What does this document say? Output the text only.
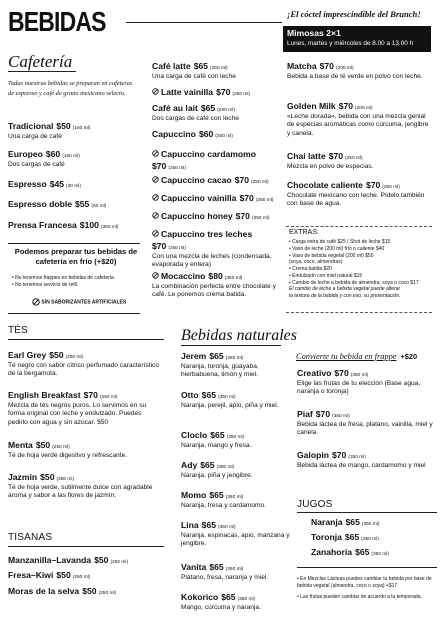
BEBIDAS	¡El cóctel imprescindible del Brunch!
Mimosas 2×1
Lunes, martes y miércoles de 8.00 a 13.00 h
Cafetería
Todas nuestras bebidas se preparan en cafeteras de espresso y café de grano mexicano selecto.
Tradicional $50 (160 ml)
Una carga de café
Europeo $60 (160 ml)
Dos cargas de café
Espresso $45 (30 ml)
Espresso doble $55 (60 ml)
Prensa Francesa $100 (350 ml)
Podemos preparar tus bebidas de cafetería en frío (+$20)
• No tenemos frappes en bebidas de cafetería.
• No tenemos servicio de refil.
SIN SABORIZANTES ARTIFICIALES
Café latte $65 (250 ml)
Una carga de café con leche
Latte vainilla $70 (250 ml)
Café au lait $65 (200 ml)
Dos cargas de café con leche
Capuccino $60 (250 ml)
Capuccino cardamomo
$70 (250 ml)
Capuccino cacao $70 (250 ml)
Capuccino vainilla $70 (250 ml)
Capuccino honey $70 (250 ml)
Capuccino tres leches
$70 (250 ml)
Con una mezcla de leches (condensada, evaporada y entera)
Mocaccino $80 (350 ml)
La combinación perfecta entre chocolate y café. Le ponemos crema batida.
Matcha $70 (200 ml)
Bebida a base de té verde en polvo con leche.
Golden Milk $70 (200 ml)
«Leche dorada», bebida con una mezcla genial de especias aromáticas como cúrcuma, jengibre y canela.
Chai latte $70 (250 ml)
Mezcla en polvo de especias.
Chocolate caliente $70 (250 ml)
Chocolate mexicano con leche. Pídelo también con base de agua.
EXTRAS:
• Carga extra de café $25 / Shot de leche $15
• Vaso de leche (200 ml) frío o caliente $40
• Vaso de bebida vegetal (200 ml) $50
(soya, coco, almendras)
• Crema batida $20
• Endulzado con miel natural $15
• Cambio de leche a bebida de almendra, soya o coco $17
El cambio de leche a bebida vegetal puede alterar
la textura de la bebida y con eso, su presentación.
TÉS
Earl Grey $50 (250 ml)
Té negro con sabor cítrico perfumado característico de la bergamota.
English Breakfast $70 (250 ml)
Mezcla de tés negros puros. Lo servimos en su forma original con leche y endulzado. Puedes pedirlo con agua y sin azúcar. $50
Menta $50 (250 ml)
Té de hoja verde digestivo y refrescante.
Jazmín $50 (250 ml)
Té de hoja verde, sutilmente dulce con agradable aroma y sabor a las flores de jazmín.
TISANAS
Manzanilla–Lavanda $50 (250 ml)
Fresa–Kiwi $50 (250 ml)
Moras de la selva $50 (250 ml)
Bebidas naturales
Jerem $65 (350 ml)
Naranja, toronja, guayaba, hierbabuena, limón y miel.
Otto $65 (350 ml)
Naranja, perejil, apio, piña y miel.
Cloclo $65 (350 ml)
Naranja, mango y fresa.
Ady $65 (350 ml)
Naranja, piña y jengibre.
Momo $65 (350 ml)
Naranja, fresa y cardamomo.
Lina $65 (350 ml)
Naranja, espinacas, apio, manzana y jengibre.
Vanita $65 (350 ml)
Plátano, fresa, naranja y miel.
Kokorico $65 (350 ml)
Mango, cúrcuma y naranja.
Convierte tu bebida en frappe +$20
Creativo $70 (350 ml)
Elige las frutas de tu elección (Base agua, naranja o toronja)
Piaf $70 (350 ml)
Bebida láctea de fresa, platano, vainilla, miel y canela
Galopin $70 (350 ml)
Bebida láctea de mango, cardamomo y miel
JUGOS
Naranja $65 (350 ml)
Toronja $65 (350 ml)
Zanahoria $65 (350 ml)
• En Mezclas Lácteas puedes cambiar tu bebida por base de bebida vegetal (almendra, coco o soya) +$17
• Las frutas pueden cambiar de acuerdo a la temporada.
